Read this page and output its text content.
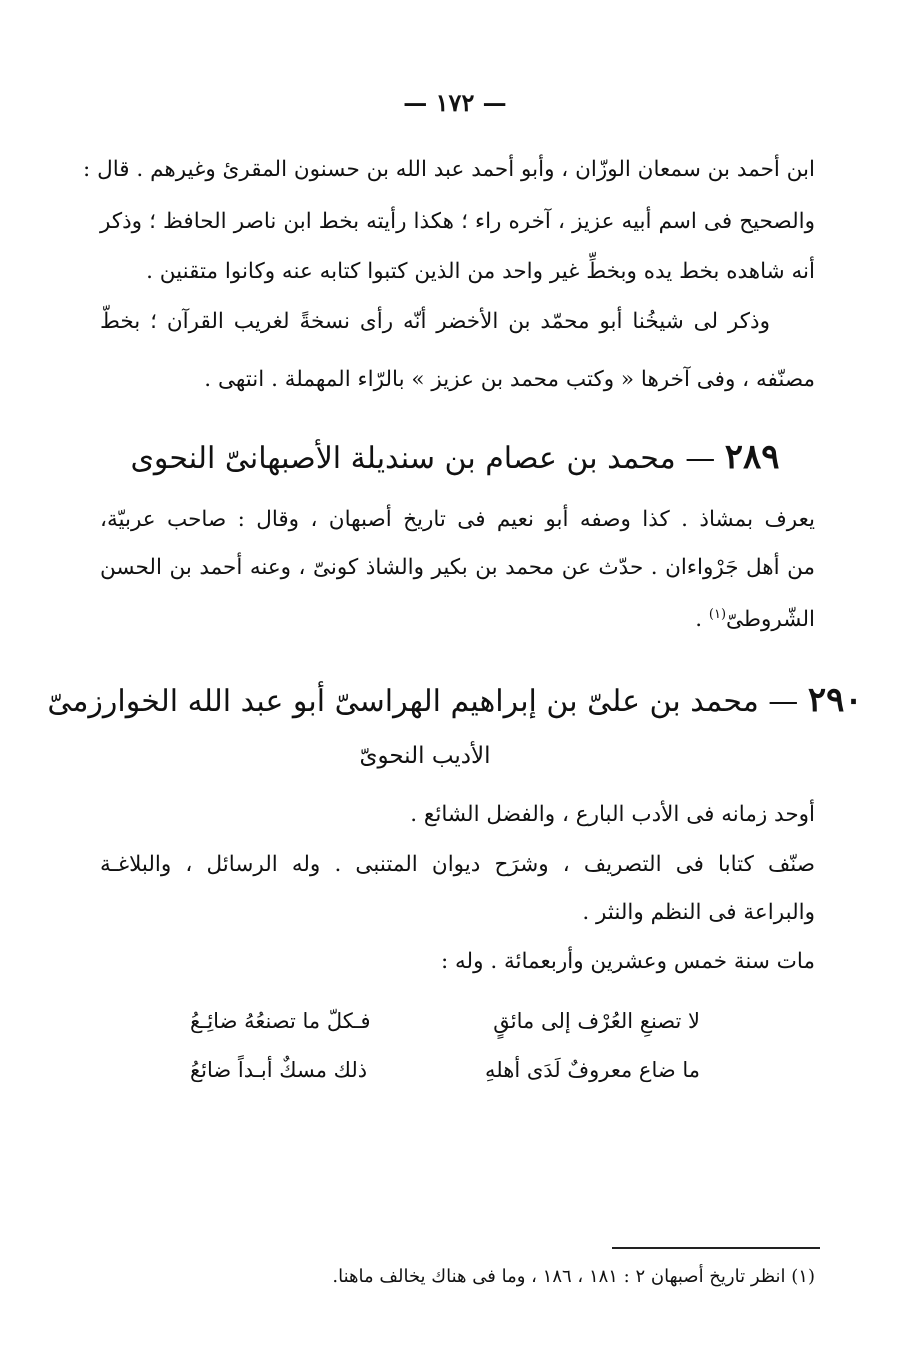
— ١٧٢ —
ابن أحمد بن سمعان الوزّان ، وأبو أحمد عبد الله بن حسنون المقرئ وغيرهم . قال :
والصحيح فى اسم أبيه عزيز ، آخره راء ؛ هكذا رأيته بخط ابن ناصر الحافظ ؛ وذكر
أنه شاهده بخط يده وبخطِّ غير واحد من الذين كتبوا كتابه عنه وكانوا متقنين .
وذكر لى شيخُنا أبو محمّد بن الأخضر أنّه رأى نسخةً لغريب القرآن ؛ بخطّ
مصنّفه ، وفى آخرها « وكتب محمد بن عزيز » بالرّاء المهملة . انتهى .
٢٨٩ — محمد بن عصام بن سنديلة الأصبهانىّ النحوى
يعرف بمشاذ . كذا وصفه أبو نعيم فى تاريخ أصبهان ، وقال : صاحب عربيّة،
من أهل جَرْواءان . حدّث عن محمد بن بكير والشاذ كونىّ ، وعنه أحمد بن الحسن
الشّروطىّ$^{(١)}$ .
٢٩٠ — محمد بن علىّ بن إبراهيم الهراسىّ أبو عبد الله الخوارزمىّ
الأديب النحوىّ
أوحد زمانه فى الأدب البارع ، والفضل الشائع .
صنّف كتابا فى التصريف ، وشرَح ديوان المتنبى . وله الرسائل ، والبلاغـة
والبراعة فى النظم والنثر .
مات سنة خمس وعشرين وأربعمائة . وله :
لا تصنعِ العُرْف إلى مائقٍ
فـكلّ ما تصنعُهُ ضائِـعُ
ما ضاع معروفٌ لَدَى أهلهِ
ذلك مسكٌ أبـداً ضائعُ
(١) انظر تاريخ أصبهان ٢ : ١٨١ ، ١٨٦ ، وما فى هناك يخالف ماهنا.
